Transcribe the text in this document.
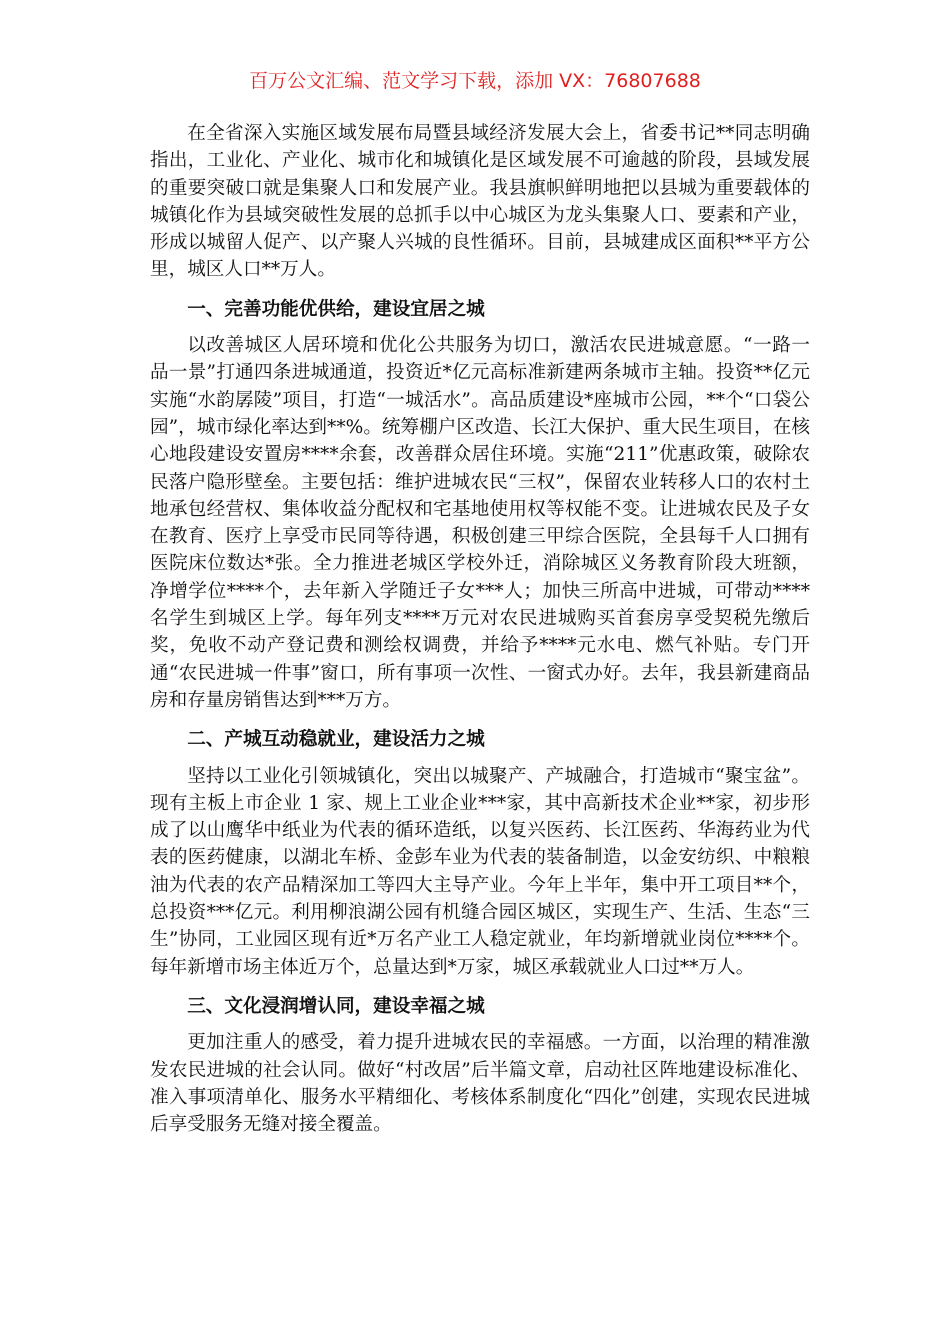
百万公文汇编、范文学习下载，添加 VX：76807688

在全省深入实施区域发展布局暨县域经济发展大会上，省委书记**同志明确指出，工业化、产业化、城市化和城镇化是区域发展不可逾越的阶段，县域发展的重要突破口就是集聚人口和发展产业。我县旗帜鲜明地把以县城为重要载体的城镇化作为县域突破性发展的总抓手以中心城区为龙头集聚人口、要素和产业，形成以城留人促产、以产聚人兴城的良性循环。目前，县城建成区面积**平方公里，城区人口**万人。

一、完善功能优供给，建设宜居之城

以改善城区人居环境和优化公共服务为切口，激活农民进城意愿。“一路一品一景”打通四条进城通道，投资近*亿元高标准新建两条城市主轴。投资**亿元实施“水韵孱陵”项目，打造“一城活水”。高品质建设*座城市公园，**个“口袋公园”，城市绿化率达到**%。统筹棚户区改造、长江大保护、重大民生项目，在核心地段建设安置房****余套，改善群众居住环境。实施“211”优惠政策，破除农民落户隐形壁垒。主要包括：维护进城农民“三权”，保留农业转移人口的农村土地承包经营权、集体收益分配权和宅基地使用权等权能不变。让进城农民及子女在教育、医疗上享受市民同等待遇，积极创建三甲综合医院，全县每千人口拥有医院床位数达*张。全力推进老城区学校外迁，消除城区义务教育阶段大班额，净增学位****个，去年新入学随迁子女***人；加快三所高中进城，可带动****名学生到城区上学。每年列支****万元对农民进城购买首套房享受契税先缴后奖，免收不动产登记费和测绘权调费，并给予****元水电、燃气补贴。专门开通“农民进城一件事”窗口，所有事项一次性、一窗式办好。去年，我县新建商品房和存量房销售达到***万方。

二、产城互动稳就业，建设活力之城

坚持以工业化引领城镇化，突出以城聚产、产城融合，打造城市“聚宝盆”。现有主板上市企业 1 家、规上工业企业***家，其中高新技术企业**家，初步形成了以山鹰华中纸业为代表的循环造纸，以复兴医药、长江医药、华海药业为代表的医药健康，以湖北车桥、金彭车业为代表的装备制造，以金安纺织、中粮粮油为代表的农产品精深加工等四大主导产业。今年上半年，集中开工项目**个，总投资***亿元。利用柳浪湖公园有机缝合园区城区，实现生产、生活、生态“三生”协同，工业园区现有近*万名产业工人稳定就业，年均新增就业岗位****个。每年新增市场主体近万个，总量达到*万家，城区承载就业人口过**万人。

三、文化浸润增认同，建设幸福之城

更加注重人的感受，着力提升进城农民的幸福感。一方面，以治理的精准激发农民进城的社会认同。做好“村改居”后半篇文章，启动社区阵地建设标准化、准入事项清单化、服务水平精细化、考核体系制度化“四化”创建，实现农民进城后享受服务无缝对接全覆盖。
